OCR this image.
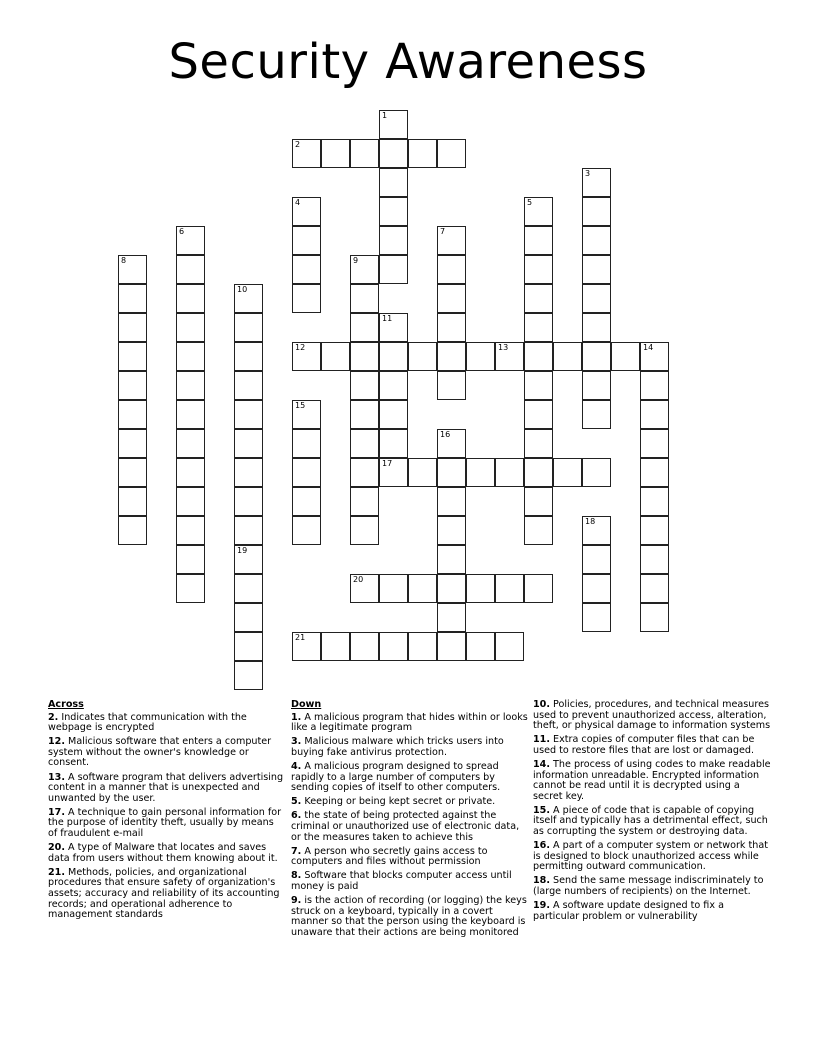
Security Awareness
1
2
3
4	5
6	7
8	9
10
11
12	13	14
15
16
17
18
19
20
21
Across
2. Indicates that communication with the webpage is encrypted
12. Malicious software that enters a computer system without the owner's knowledge or consent.
13. A software program that delivers advertising content in a manner that is unexpected and unwanted by the user.
17. A technique to gain personal information for the purpose of identity theft, usually by means of fraudulent e-mail
20. A type of Malware that locates and saves data from users without them knowing about it.
21. Methods, policies, and organizational procedures that ensure safety of organization's assets; accuracy and reliability of its accounting records; and operational adherence to management standards
Down
1. A malicious program that hides within or looks like a legitimate program
3. Malicious malware which tricks users into buying fake antivirus protection.
4. A malicious program designed to spread rapidly to a large number of computers by sending copies of itself to other computers.
5. Keeping or being kept secret or private.
6. the state of being protected against the criminal or unauthorized use of electronic data, or the measures taken to achieve this
7. A person who secretly gains access to computers and files without permission
8. Software that blocks computer access until money is paid
9. is the action of recording (or logging) the keys struck on a keyboard, typically in a covert manner so that the person using the keyboard is unaware that their actions are being monitored
10. Policies, procedures, and technical measures used to prevent unauthorized access, alteration, theft, or physical damage to information systems
11. Extra copies of computer files that can be used to restore files that are lost or damaged.
14. The process of using codes to make readable information unreadable. Encrypted information cannot be read until it is decrypted using a secret key.
15. A piece of code that is capable of copying itself and typically has a detrimental effect, such as corrupting the system or destroying data.
16. A part of a computer system or network that is designed to block unauthorized access while permitting outward communication.
18. Send the same message indiscriminately to (large numbers of recipients) on the Internet.
19. A software update designed to fix a particular problem or vulnerability
